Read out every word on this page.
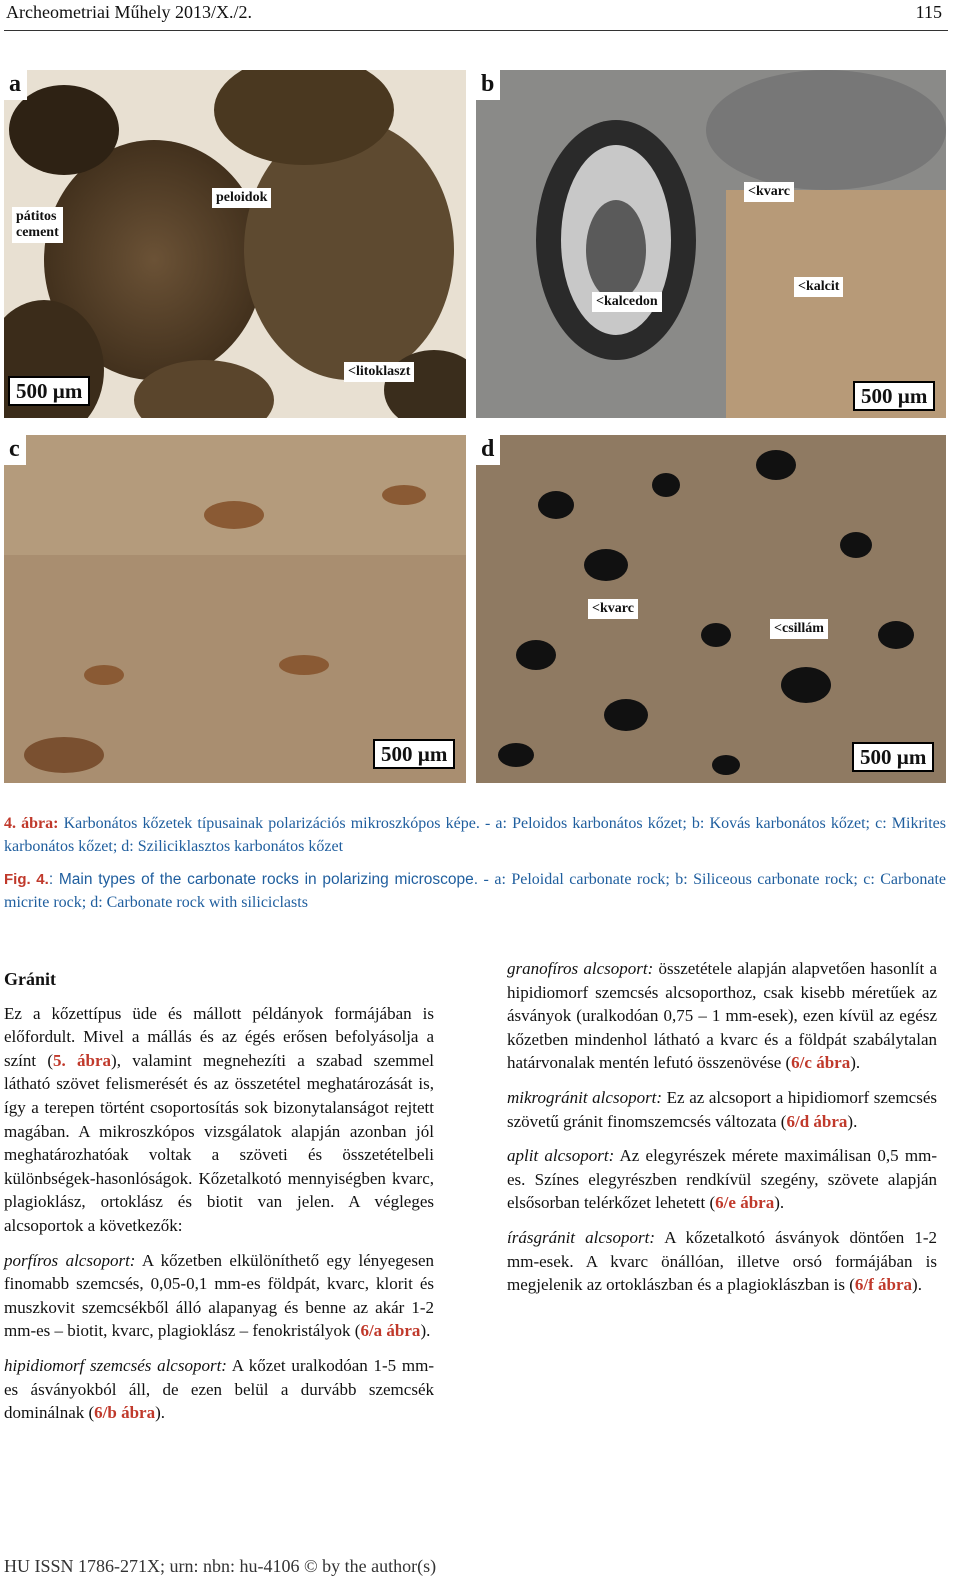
Archeometriai Műhely 2013/X./2.	115
a
pátitos
cement
peloidok
<litoklaszt
500 µm
b
<kvarc
<kalcit
<kalcedon
500 µm
c
500 µm
d
<kvarc
<csillám
500 µm
4. ábra: Karbonátos kőzetek típusainak polarizációs mikroszkópos képe. - a: Peloidos karbonátos kőzet; b: Kovás karbonátos kőzet; c: Mikrites karbonátos kőzet; d: Sziliciklasztos karbonátos kőzet
Fig. 4.: Main types of the carbonate rocks in polarizing microscope. - a: Peloidal carbonate rock; b: Siliceous carbonate rock; c: Carbonate micrite rock; d: Carbonate rock with siliciclasts
Gránit

Ez a kőzettípus üde és mállott példányok formájában is előfordult. Mivel a mállás és az égés erősen befolyásolja a színt (5. ábra), valamint megnehezíti a szabad szemmel látható szövet felismerését és az összetétel meghatározását is, így a terepen történt csoportosítás sok bizonytalanságot rejtett magában. A mikroszkópos vizsgálatok alapján azonban jól meghatározhatóak voltak a szöveti és összetételbeli különbségek-hasonlóságok. Kőzetalkotó mennyiségben kvarc, plagioklász, ortoklász és biotit van jelen. A végleges alcsoportok a következők:

porfíros alcsoport: A kőzetben elkülöníthető egy lényegesen finomabb szemcsés, 0,05-0,1 mm-es földpát, kvarc, klorit és muszkovit szemcsékből álló alapanyag és benne az akár 1-2 mm-es – biotit, kvarc, plagioklász – fenokristályok (6/a ábra).

hipidiomorf szemcsés alcsoport: A kőzet uralkodóan 1-5 mm-es ásványokból áll, de ezen belül a durvább szemcsék dominálnak (6/b ábra).

granofíros alcsoport: összetétele alapján alapvetően hasonlít a hipidiomorf szemcsés alcsoporthoz, csak kisebb méretűek az ásványok (uralkodóan 0,75 – 1 mm-esek), ezen kívül az egész kőzetben mindenhol látható a kvarc és a földpát szabálytalan határvonalak mentén lefutó összenövése (6/c ábra).

mikrogránit alcsoport: Ez az alcsoport a hipidiomorf szemcsés szövetű gránit finomszemcsés változata (6/d ábra).

aplit alcsoport: Az elegyrészek mérete maximálisan 0,5 mm-es. Színes elegyrészben rendkívül szegény, szövete alapján elsősorban telérkőzet lehetett (6/e ábra).

írásgránit alcsoport: A kőzetalkotó ásványok döntően 1-2 mm-esek. A kvarc önállóan, illetve orsó formájában is megjelenik az ortoklászban és a plagioklászban is (6/f ábra).

HU ISSN 1786-271X; urn: nbn: hu-4106 © by the author(s)
